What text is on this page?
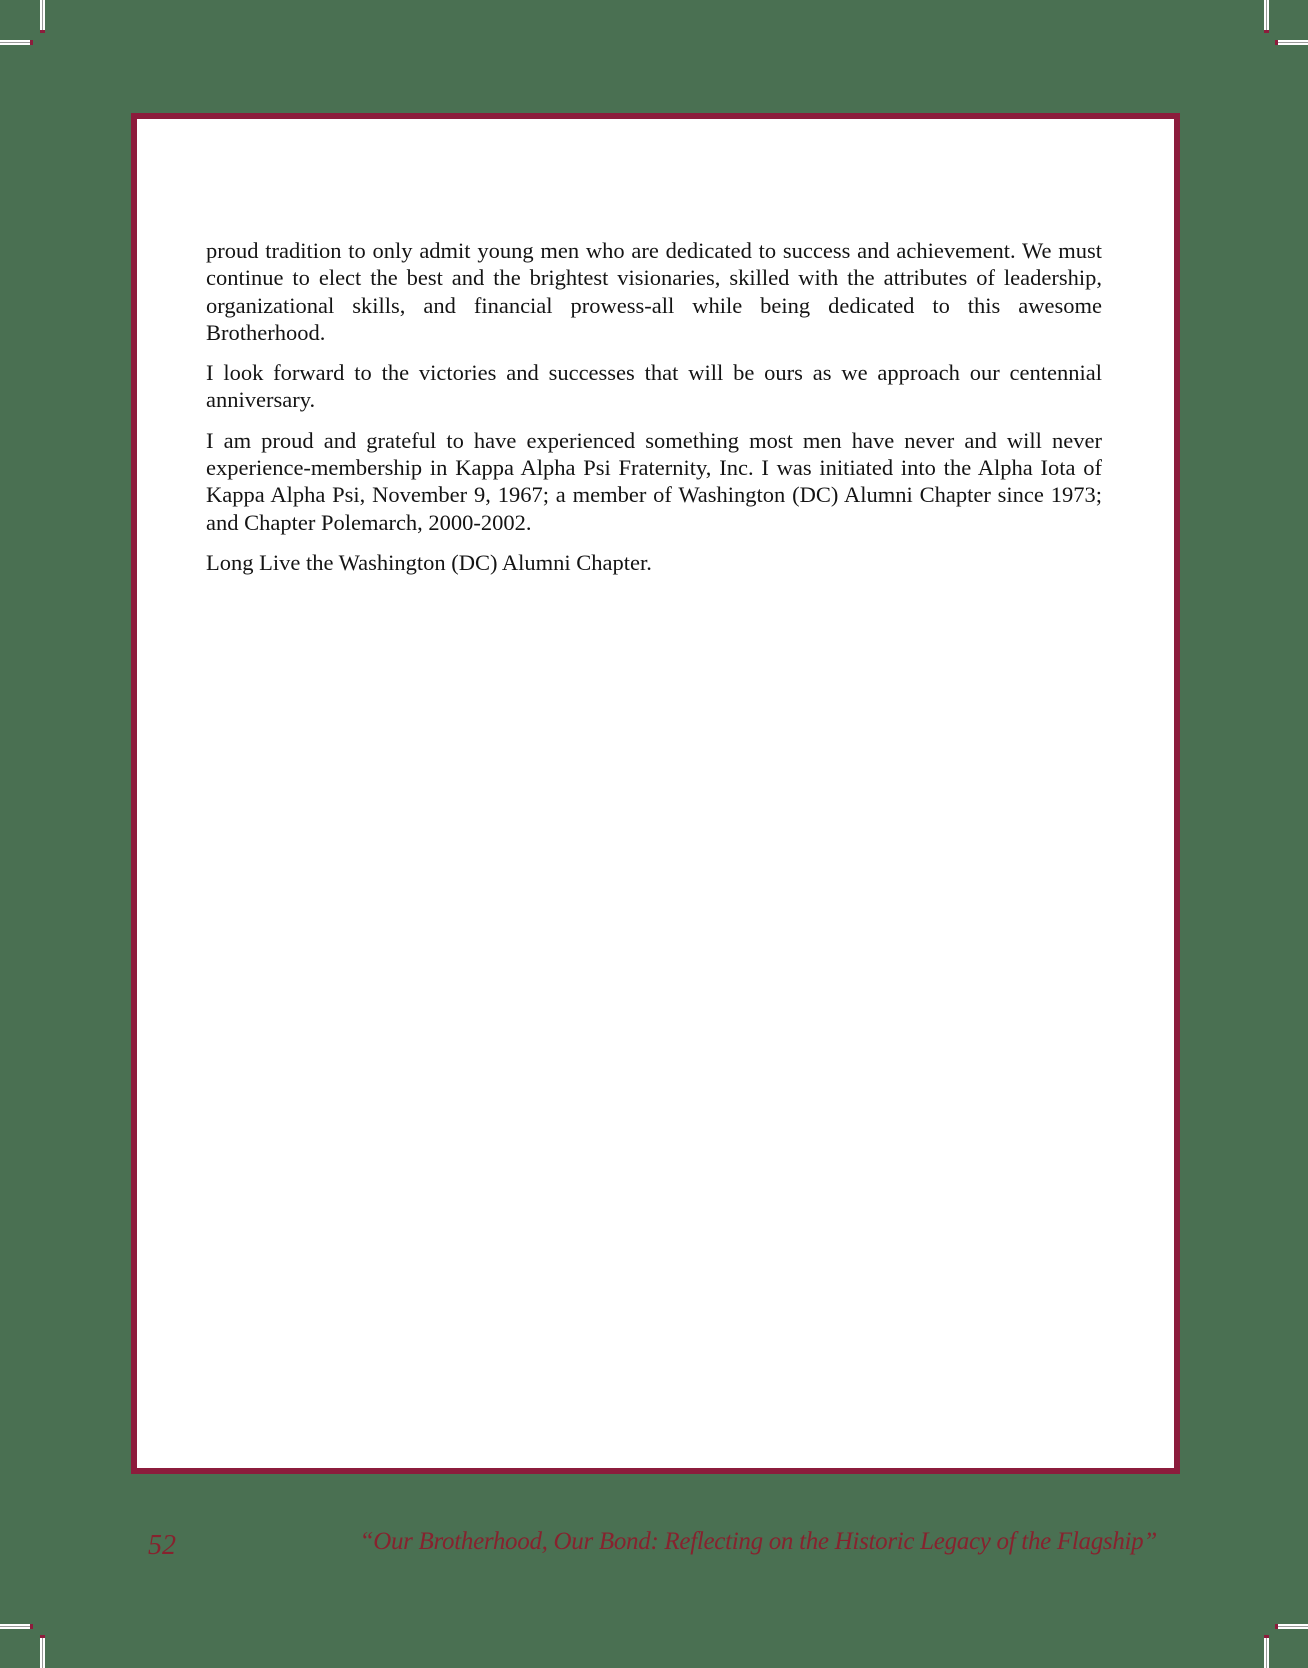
proud tradition to only admit young men who are dedicated to success and achievement. We must continue to elect the best and the brightest visionaries, skilled with the attributes of leadership, organizational skills, and financial prowess-all while being dedicated to this awesome Brotherhood.

I look forward to the victories and successes that will be ours as we approach our centennial anniversary.

I am proud and grateful to have experienced something most men have never and will never experience-membership in Kappa Alpha Psi Fraternity, Inc. I was initiated into the Alpha Iota of Kappa Alpha Psi, November 9, 1967; a member of Washington (DC) Alumni Chapter since 1973; and Chapter Polemarch, 2000-2002.

Long Live the Washington (DC) Alumni Chapter.

52	“Our Brotherhood, Our Bond: Reflecting on the Historic Legacy of the Flagship”
